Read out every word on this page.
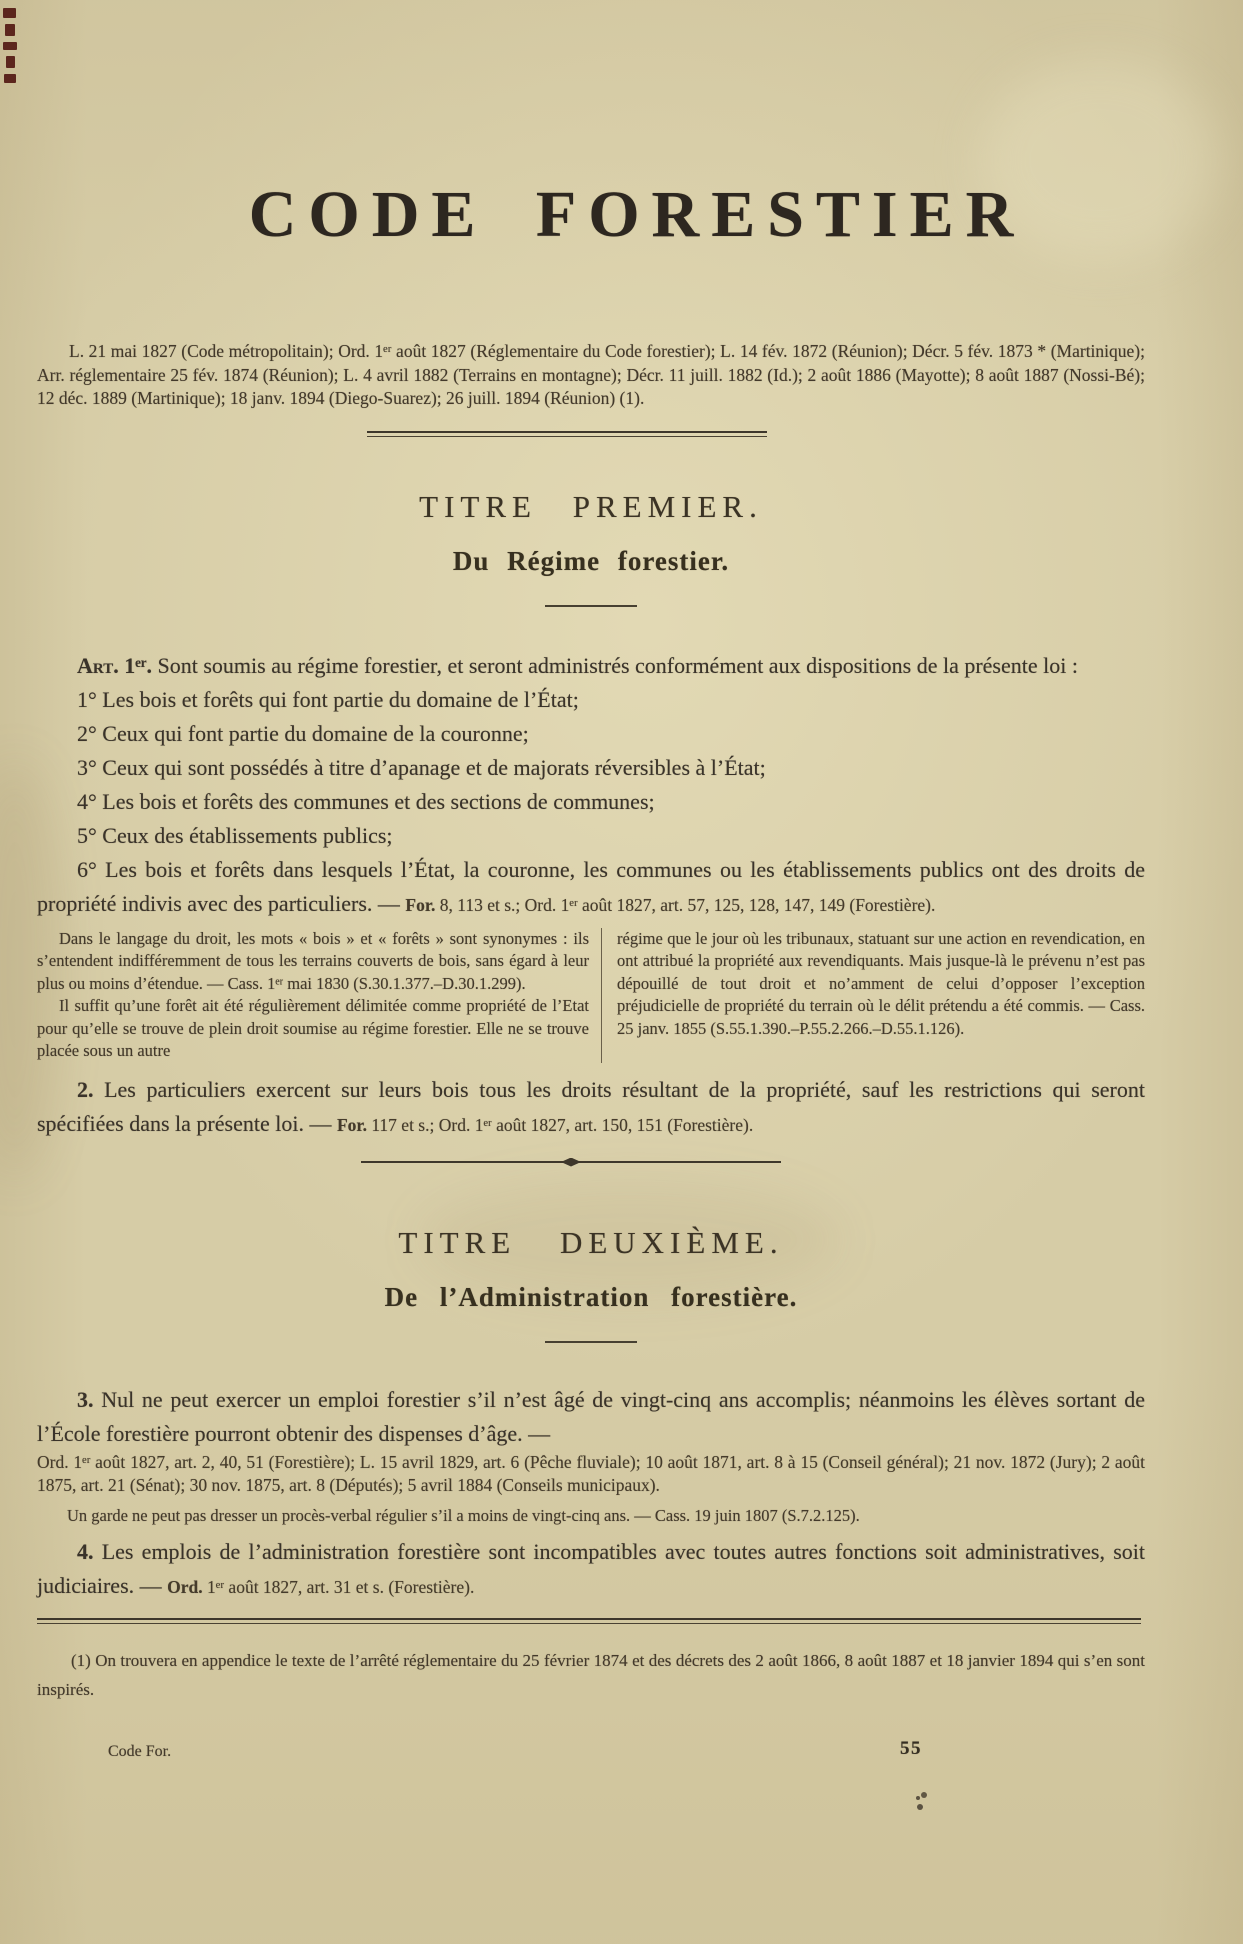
CODE FORESTIER

L. 21 mai 1827 (Code métropolitain); Ord. 1ᵉʳ août 1827 (Réglementaire du Code forestier); L. 14 fév. 1872 (Réunion); Décr. 5 fév. 1873 * (Martinique); Arr. réglementaire 25 fév. 1874 (Réunion); L. 4 avril 1882 (Terrains en montagne); Décr. 11 juill. 1882 (Id.); 2 août 1886 (Mayotte); 8 août 1887 (Nossi-Bé); 12 déc. 1889 (Martinique); 18 janv. 1894 (Diego-Suarez); 26 juill. 1894 (Réunion) (1).

TITRE PREMIER.
Du Régime forestier.

Art. 1ᵉʳ. Sont soumis au régime forestier, et seront administrés conformément aux dispositions de la présente loi :

1° Les bois et forêts qui font partie du domaine de l’État;

2° Ceux qui font partie du domaine de la couronne;

3° Ceux qui sont possédés à titre d’apanage et de majorats réversibles à l’État;

4° Les bois et forêts des communes et des sections de communes;

5° Ceux des établissements publics;

6° Les bois et forêts dans lesquels l’État, la couronne, les communes ou les établissements publics ont des droits de propriété indivis avec des particuliers. — For. 8, 113 et s.; Ord. 1ᵉʳ août 1827, art. 57, 125, 128, 147, 149 (Forestière).

Dans le langage du droit, les mots « bois » et « forêts » sont synonymes : ils s’entendent indifféremment de tous les terrains couverts de bois, sans égard à leur plus ou moins d’étendue. — Cass. 1ᵉʳ mai 1830 (S.30.1.377.–D.30.1.299).

Il suffit qu’une forêt ait été régulièrement délimitée comme propriété de l’Etat pour qu’elle se trouve de plein droit soumise au régime forestier. Elle ne se trouve placée sous un autre

régime que le jour où les tribunaux, statuant sur une action en revendication, en ont attribué la propriété aux revendiquants. Mais jusque-là le prévenu n’est pas dépouillé de tout droit et no’amment de celui d’opposer l’exception préjudicielle de propriété du terrain où le délit prétendu a été commis. — Cass. 25 janv. 1855 (S.55.1.390.–P.55.2.266.–D.55.1.126).

2. Les particuliers exercent sur leurs bois tous les droits résultant de la propriété, sauf les restrictions qui seront spécifiées dans la présente loi. — For. 117 et s.; Ord. 1ᵉʳ août 1827, art. 150, 151 (Forestière).

TITRE DEUXIÈME.
De l’Administration forestière.

3. Nul ne peut exercer un emploi forestier s’il n’est âgé de vingt-cinq ans accomplis; néanmoins les élèves sortant de l’École forestière pourront obtenir des dispenses d’âge. —

Ord. 1ᵉʳ août 1827, art. 2, 40, 51 (Forestière); L. 15 avril 1829, art. 6 (Pêche fluviale); 10 août 1871, art. 8 à 15 (Conseil général); 21 nov. 1872 (Jury); 2 août 1875, art. 21 (Sénat); 30 nov. 1875, art. 8 (Députés); 5 avril 1884 (Conseils municipaux).

Un garde ne peut pas dresser un procès-verbal régulier s’il a moins de vingt-cinq ans. — Cass. 19 juin 1807 (S.7.2.125).

4. Les emplois de l’administration forestière sont incompatibles avec toutes autres fonctions soit administratives, soit judiciaires. — Ord. 1ᵉʳ août 1827, art. 31 et s. (Forestière).

(1) On trouvera en appendice le texte de l’arrêté réglementaire du 25 février 1874 et des décrets des 2 août 1866, 8 août 1887 et 18 janvier 1894 qui s’en sont inspirés.

Code For.	55
